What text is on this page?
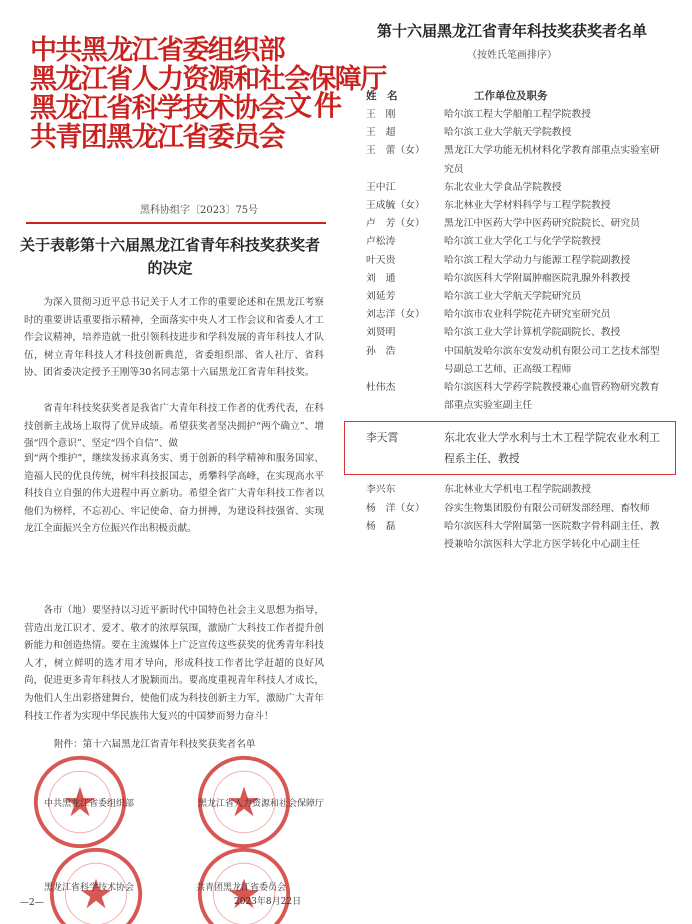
中共黑龙江省委组织部
黑龙江省人力资源和社会保障厅
黑龙江省科学技术协会
共青团黑龙江省委员会
文件
黑科协组字〔2023〕75号
关于表彰第十六届黑龙江省青年科技奖获奖者
的决定
为深入贯彻习近平总书记关于人才工作的重要论述和在黑龙江考察时的重要讲话重要指示精神，全面落实中央人才工作会议和省委人才工作会议精神，培养造就一批引领科技进步和学科发展的青年科技人才队伍，树立青年科技人才科技创新典范，省委组织部、省人社厅、省科协、团省委决定授予王刚等30名同志第十六届黑龙江省青年科技奖。
省青年科技奖获奖者是我省广大青年科技工作者的优秀代表，在科技创新主战场上取得了优异成绩。希望获奖者坚决拥护“两个确立”、增强“四个意识”、坚定“四个自信”、做
到“两个维护”，继续发扬求真务实、勇于创新的科学精神和服务国家、造福人民的优良传统，树牢科技报国志，勇攀科学高峰，在实现高水平科技自立自强的伟大进程中再立新功。希望全省广大青年科技工作者以他们为榜样，不忘初心、牢记使命、奋力拼搏，为建设科技强省、实现龙江全面振兴全方位振兴作出积极贡献。
各市（地）要坚持以习近平新时代中国特色社会主义思想为指导，营造出龙江识才、爱才、敬才的浓厚氛围，激励广大科技工作者提升创新能力和创造热情。要在主流媒体上广泛宣传这些获奖的优秀青年科技人才，树立鲜明的选才用才导向，形成科技工作者比学赶超的良好风尚，促进更多青年科技人才脱颖而出。要高度重视青年科技人才成长，为他们人生出彩搭建舞台，使他们成为科技创新主力军，激励广大青年科技工作者为实现中华民族伟大复兴的中国梦而努力奋斗！
附件：第十六届黑龙江省青年科技奖获奖者名单
中共黑龙江省委组织部	黑龙江省人力资源和社会保障厅
黑龙江省科学技术协会	共青团黑龙江省委员会
2023年8月22日
—2—
第十六届黑龙江省青年科技奖获奖者名单
（按姓氏笔画排序）
姓　名	工作单位及职务
王　刚	哈尔滨工程大学船舶工程学院教授
王　超	哈尔滨工业大学航天学院教授
王　蕾（女）	黑龙江大学功能无机材料化学教育部重点实验室研究员
王中江	东北农业大学食品学院教授
王成毓（女）	东北林业大学材料科学与工程学院教授
卢　芳（女）	黑龙江中医药大学中医药研究院院长、研究员
卢松涛	哈尔滨工业大学化工与化学学院教授
叶天贵	哈尔滨工程大学动力与能源工程学院副教授
刘　通	哈尔滨医科大学附属肿瘤医院乳腺外科教授
刘延芳	哈尔滨工业大学航天学院研究员
刘志洋（女）	哈尔滨市农业科学院花卉研究室研究员
刘贤明	哈尔滨工业大学计算机学院副院长、教授
孙　浩	中国航发哈尔滨东安发动机有限公司工艺技术部型号副总工艺师、正高级工程师
杜伟杰	哈尔滨医科大学药学院教授兼心血管药物研究教育部重点实验室副主任
李天霄	东北农业大学水利与土木工程学院农业水利工程系主任、教授
李兴东	东北林业大学机电工程学院副教授
杨　洋（女）	谷实生物集团股份有限公司研发部经理、畜牧师
杨　磊	哈尔滨医科大学附属第一医院数字骨科副主任、教授兼哈尔滨医科大学北方医学转化中心副主任
